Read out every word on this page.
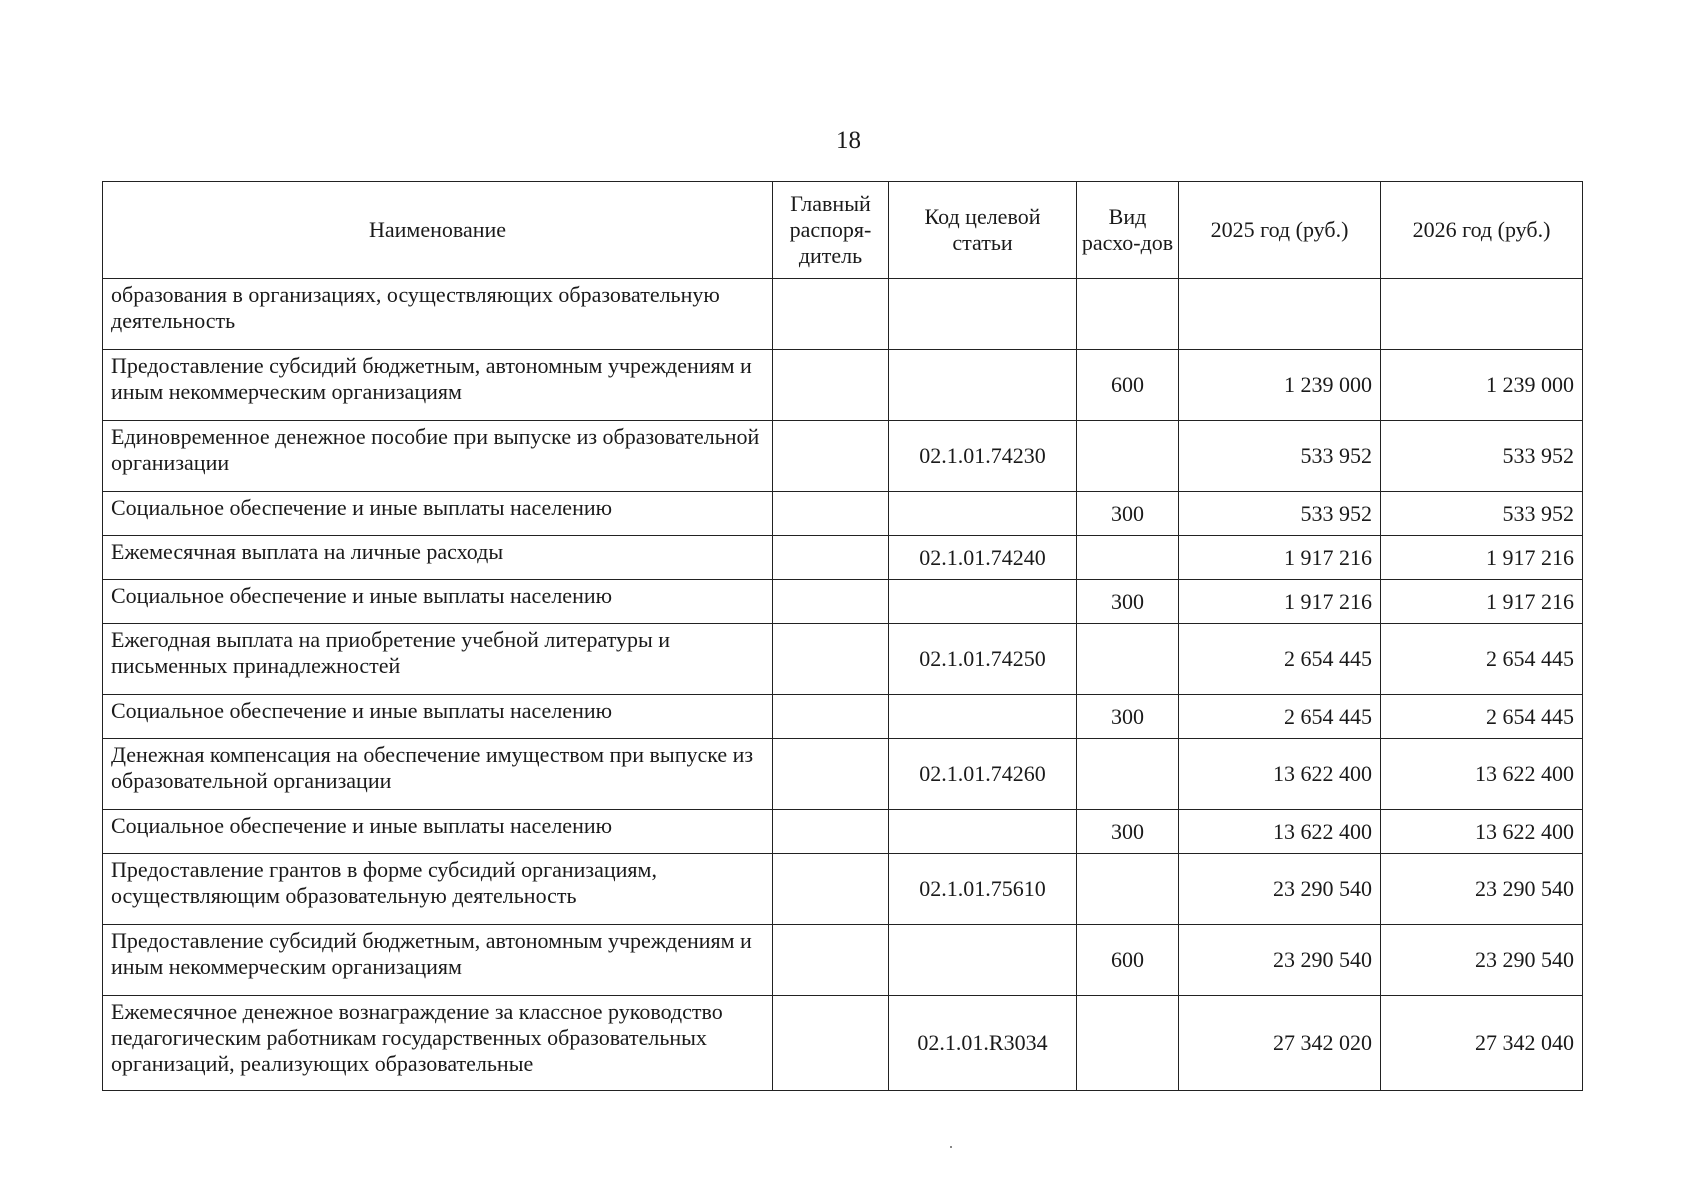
18
Наименование	Главный распоря-дитель	Код целевой статьи	Вид расхо-дов	2025 год (руб.)	2026 год (руб.)
образования в организациях, осуществляющих образовательную деятельность					
Предоставление субсидий бюджетным, автономным учреждениям и иным некоммерческим организациям			600	1 239 000	1 239 000
Единовременное денежное пособие при выпуске из образовательной организации		02.1.01.74230		533 952	533 952
Социальное обеспечение и иные выплаты населению			300	533 952	533 952
Ежемесячная выплата на личные расходы		02.1.01.74240		1 917 216	1 917 216
Социальное обеспечение и иные выплаты населению			300	1 917 216	1 917 216
Ежегодная выплата на приобретение учебной литературы и письменных принадлежностей		02.1.01.74250		2 654 445	2 654 445
Социальное обеспечение и иные выплаты населению			300	2 654 445	2 654 445
Денежная компенсация на обеспечение имуществом при выпуске из образовательной организации		02.1.01.74260		13 622 400	13 622 400
Социальное обеспечение и иные выплаты населению			300	13 622 400	13 622 400
Предоставление грантов в форме субсидий организациям, осуществляющим образовательную деятельность		02.1.01.75610		23 290 540	23 290 540
Предоставление субсидий бюджетным, автономным учреждениям и иным некоммерческим организациям			600	23 290 540	23 290 540
Ежемесячное денежное вознаграждение за классное руководство педагогическим работникам государственных образовательных организаций, реализующих образовательные		02.1.01.R3034		27 342 020	27 342 040
